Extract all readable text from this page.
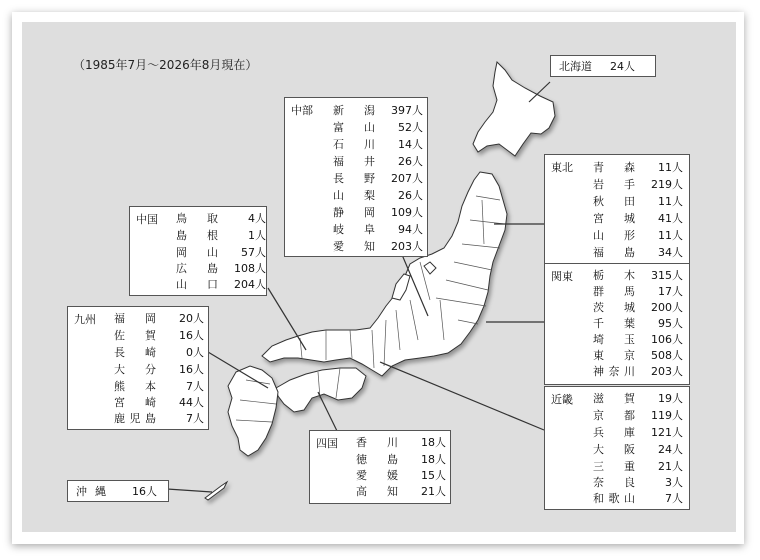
（1985年7月～2026年8月現在）	北海道 24人
東北 青森	11人
岩手	219人
秋田	11人
宮城	41人
山形	11人
福島	34人
関東 栃木	315人
群馬	17人
茨城	200人
千葉	95人
埼玉	106人
東京	508人
神奈川	203人
近畿 滋賀	19人
京都	119人
兵庫	121人
大阪	24人
三重	21人
奈良	3人
和歌山	7人
中部 新潟	397人
富山	52人
石川	14人
福井	26人
長野	207人
山梨	26人
静岡	109人
岐阜	94人
愛知	203人
中国 鳥取	4人
島根	1人
岡山	57人
広島	108人
山口	204人
九州 福岡	20人
佐賀	16人
長崎	0人
大分	16人
熊本	7人
宮崎	44人
鹿児島	7人
四国 香川	18人
徳島	18人
愛媛	15人
高知	21人
沖縄 16人
